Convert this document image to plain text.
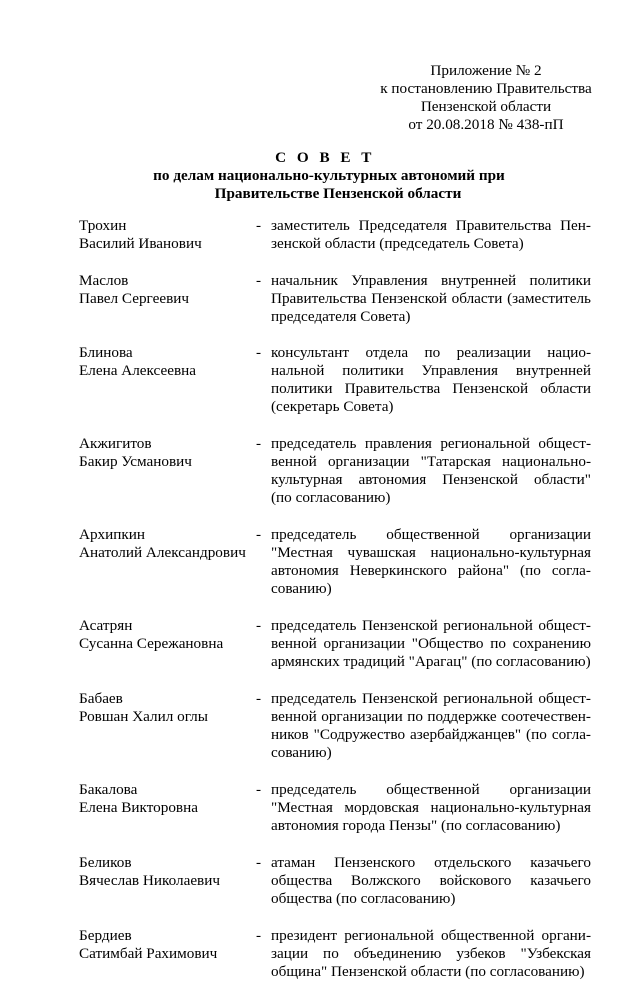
Приложение № 2
к постановлению Правительства
Пензенской области
от 20.08.2018 № 438-пП
С О В Е Т
по делам национально-культурных автономий при
Правительстве Пензенской области
Трохин
Василий Иванович
- заместитель Председателя Правительства Пен-
зенской области (председатель Совета)
Маслов
Павел Сергеевич
- начальник Управления внутренней политики
Правительства Пензенской области (заместитель
председателя Совета)
Блинова
Елена Алексеевна
- консультант отдела по реализации нацио-
нальной политики Управления внутренней
политики Правительства Пензенской области
(секретарь Совета)
Акжигитов
Бакир Усманович
- председатель правления региональной общест-
венной организации "Татарская национально-
культурная автономия Пензенской области"
(по согласованию)
Архипкин
Анатолий Александрович
- председатель общественной организации
"Местная чувашская национально-культурная
автономия Неверкинского района" (по согла-
сованию)
Асатрян
Сусанна Сережановна
- председатель Пензенской региональной общест-
венной организации "Общество по сохранению
армянских традиций "Арагац" (по согласованию)
Бабаев
Ровшан Халил оглы
- председатель Пензенской региональной общест-
венной организации по поддержке соотечествен-
ников "Содружество азербайджанцев" (по согла-
сованию)
Бакалова
Елена Викторовна
- председатель общественной организации
"Местная мордовская национально-культурная
автономия города Пензы" (по согласованию)
Беликов
Вячеслав Николаевич
- атаман Пензенского отдельского казачьего
общества Волжского войскового казачьего
общества (по согласованию)
Бердиев
Сатимбай Рахимович
- президент региональной общественной органи-
зации по объединению узбеков "Узбекская
община" Пензенской области (по согласованию)
